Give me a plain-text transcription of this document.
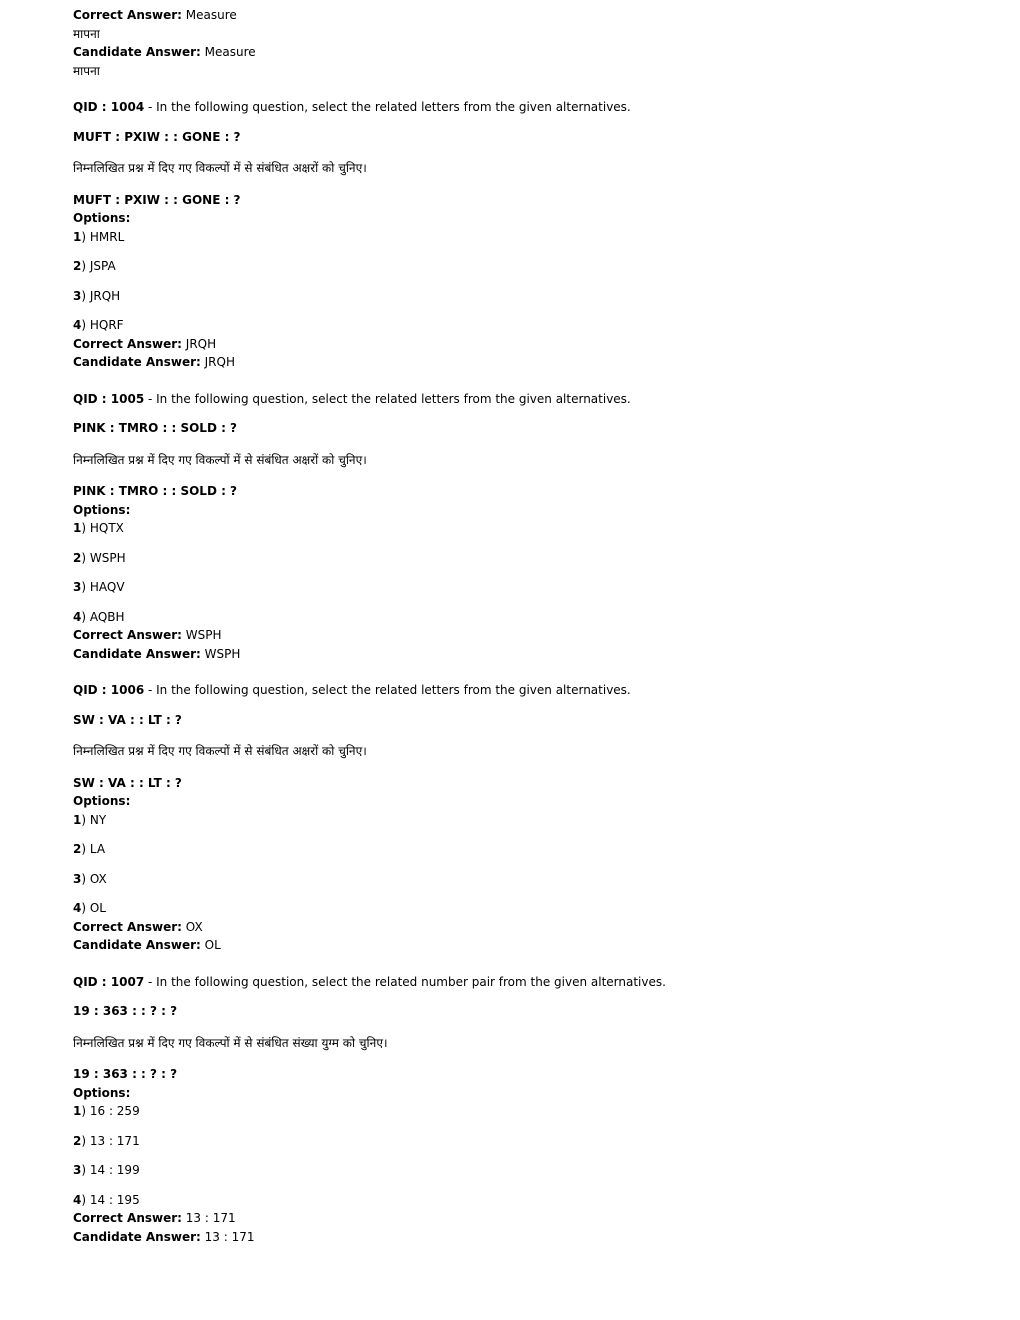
Correct Answer: Measure
मापना
Candidate Answer: Measure
मापना
QID : 1004 - In the following question, select the related letters from the given alternatives.
MUFT : PXIW : : GONE : ?
निम्नलिखित प्रश्न में दिए गए विकल्पों में से संबंधित अक्षरों को चुनिए।
MUFT : PXIW : : GONE : ?
Options:
1) HMRL
2) JSPA
3) JRQH
4) HQRF
Correct Answer: JRQH
Candidate Answer: JRQH
QID : 1005 - In the following question, select the related letters from the given alternatives.
PINK : TMRO : : SOLD : ?
निम्नलिखित प्रश्न में दिए गए विकल्पों में से संबंधित अक्षरों को चुनिए।
PINK : TMRO : : SOLD : ?
Options:
1) HQTX
2) WSPH
3) HAQV
4) AQBH
Correct Answer: WSPH
Candidate Answer: WSPH
QID : 1006 - In the following question, select the related letters from the given alternatives.
SW : VA : : LT : ?
निम्नलिखित प्रश्न में दिए गए विकल्पों में से संबंधित अक्षरों को चुनिए।
SW : VA : : LT : ?
Options:
1) NY
2) LA
3) OX
4) OL
Correct Answer: OX
Candidate Answer: OL
QID : 1007 - In the following question, select the related number pair from the given alternatives.
19 : 363 : : ? : ?
निम्नलिखित प्रश्न में दिए गए विकल्पों में से संबंधित संख्या युग्म को चुनिए।
19 : 363 : : ? : ?
Options:
1) 16 : 259
2) 13 : 171
3) 14 : 199
4) 14 : 195
Correct Answer: 13 : 171
Candidate Answer: 13 : 171
